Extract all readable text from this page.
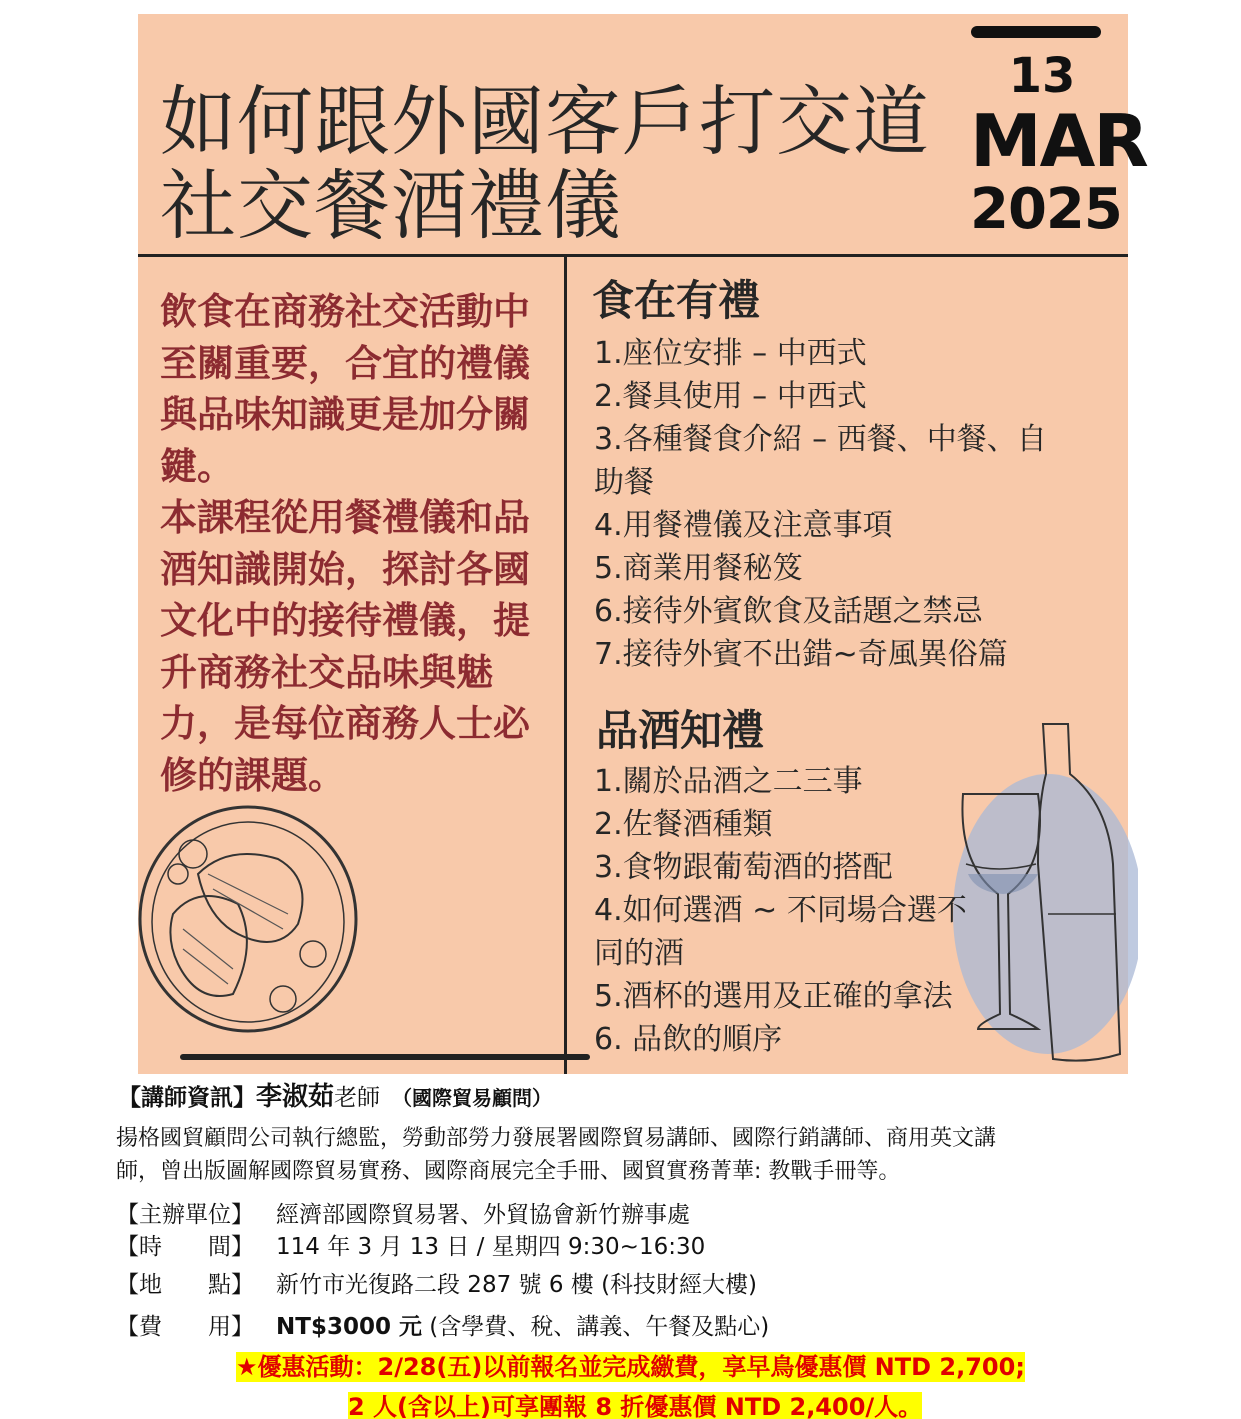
如何跟外國客戶打交道
社交餐酒禮儀
13
MAR
2025

飲食在商務社交活動中至關重要，合宜的禮儀與品味知識更是加分關鍵。

本課程從用餐禮儀和品酒知識開始，探討各國文化中的接待禮儀，提升商務社交品味與魅力，是每位商務人士必修的課題。

食在有禮
1.座位安排 – 中西式
2.餐具使用 – 中西式
3.各種餐食介紹 – 西餐、中餐、自助餐
4.用餐禮儀及注意事項
5.商業用餐秘笈
6.接待外賓飲食及話題之禁忌
7.接待外賓不出錯~奇風異俗篇
品酒知禮
1.關於品酒之二三事
2.佐餐酒種類
3.食物跟葡萄酒的搭配
4.如何選酒 ~ 不同場合選不同的酒
5.酒杯的選用及正確的拿法
6. 品飲的順序
【講師資訊】李淑茹老師 （國際貿易顧問）
揚格國貿顧問公司執行總監，勞動部勞力發展署國際貿易講師、國際行銷講師、商用英文講
師，曾出版圖解國際貿易實務、國際商展完全手冊、國貿實務菁華: 教戰手冊等。
【主辦單位】 經濟部國際貿易署、外貿協會新竹辦事處
【時　　間】 114 年 3 月 13 日 / 星期四 9:30~16:30
【地　　點】 新竹市光復路二段 287 號 6 樓 (科技財經大樓)
【費　　用】 NT$3000 元 (含學費、稅、講義、午餐及點心)
★優惠活動：2/28(五)以前報名並完成繳費，享早鳥優惠價 NTD 2,700;
2 人(含以上)可享團報 8 折優惠價 NTD 2,400/人。
